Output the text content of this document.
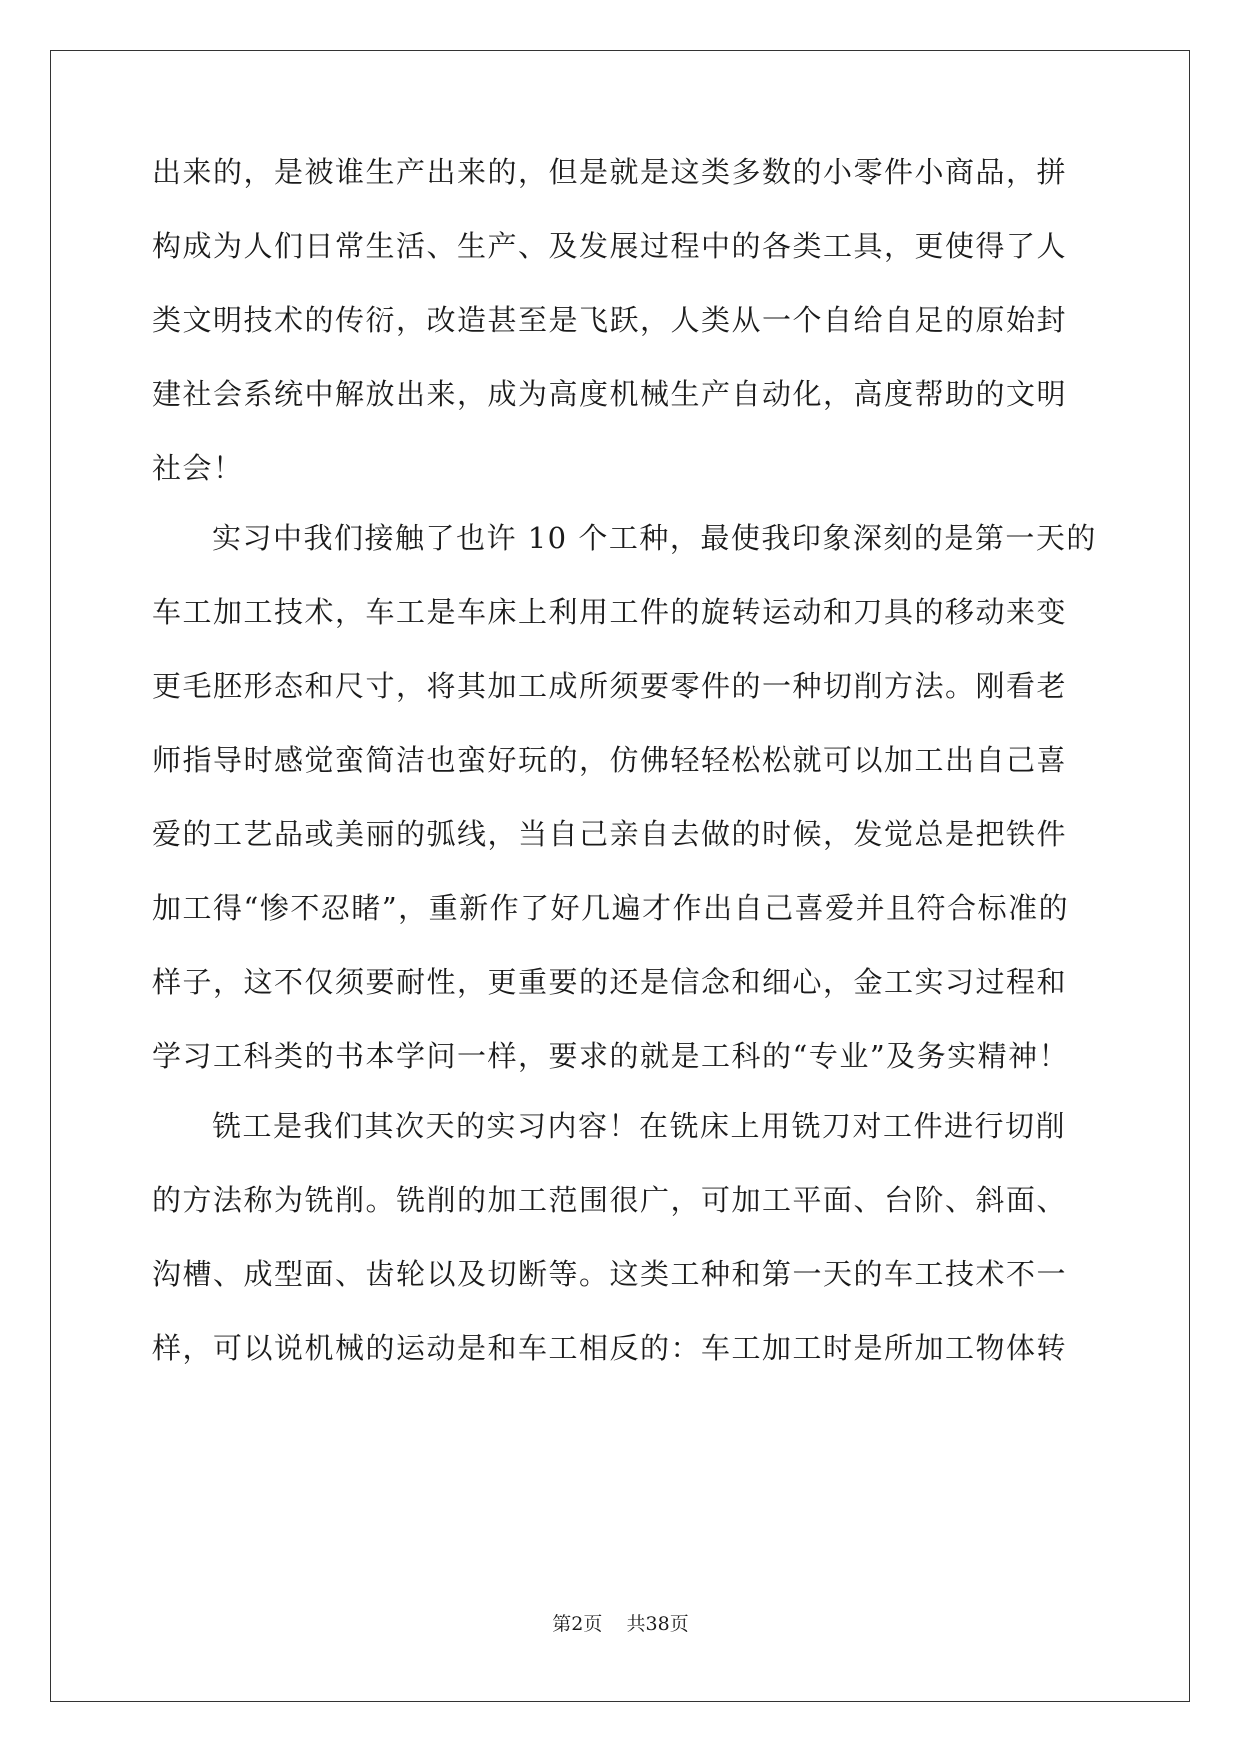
出来的，是被谁生产出来的，但是就是这类多数的小零件小商品，拼
构成为人们日常生活、生产、及发展过程中的各类工具，更使得了人
类文明技术的传衍，改造甚至是飞跃，人类从一个自给自足的原始封
建社会系统中解放出来，成为高度机械生产自动化，高度帮助的文明
社会！
实习中我们接触了也许 10 个工种，最使我印象深刻的是第一天的
车工加工技术，车工是车床上利用工件的旋转运动和刀具的移动来变
更毛胚形态和尺寸，将其加工成所须要零件的一种切削方法。刚看老
师指导时感觉蛮简洁也蛮好玩的，仿佛轻轻松松就可以加工出自己喜
爱的工艺品或美丽的弧线，当自己亲自去做的时候，发觉总是把铁件
加工得“惨不忍睹”，重新作了好几遍才作出自己喜爱并且符合标准的
样子，这不仅须要耐性，更重要的还是信念和细心，金工实习过程和
学习工科类的书本学问一样，要求的就是工科的“专业”及务实精神！
铣工是我们其次天的实习内容！在铣床上用铣刀对工件进行切削
的方法称为铣削。铣削的加工范围很广，可加工平面、台阶、斜面、
沟槽、成型面、齿轮以及切断等。这类工种和第一天的车工技术不一
样，可以说机械的运动是和车工相反的：车工加工时是所加工物体转
第2页    共38页
